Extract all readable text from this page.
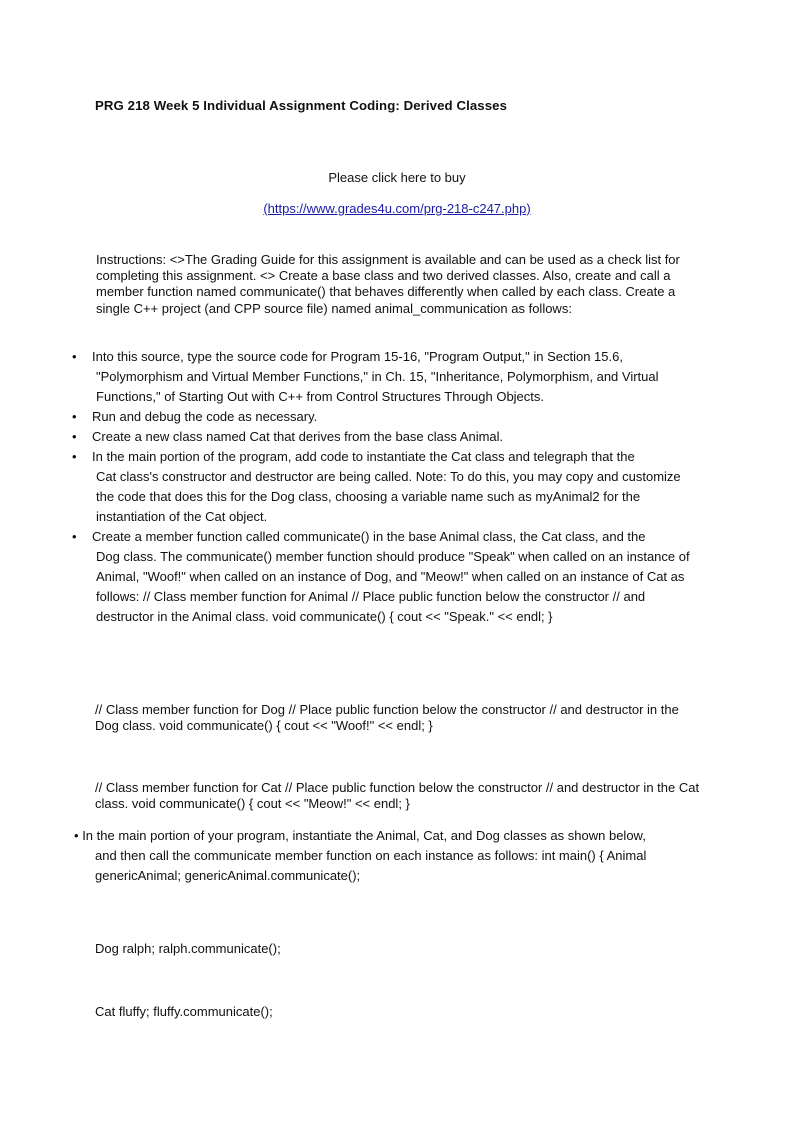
PRG 218 Week 5 Individual Assignment Coding: Derived Classes
Please click here to buy
(https://www.grades4u.com/prg-218-c247.php)
Instructions: <>The Grading Guide for this assignment is available and can be used as a check list for completing this assignment. <> Create a base class and two derived classes. Also, create and call a member function named communicate() that behaves differently when called by each class. Create a single C++ project (and CPP source file) named animal_communication as follows:
•	Into this source, type the source code for Program 15-16, "Program Output," in Section 15.6,
"Polymorphism and Virtual Member Functions," in Ch. 15, "Inheritance, Polymorphism, and Virtual Functions," of Starting Out with C++ from Control Structures Through Objects.
•	Run and debug the code as necessary.
•	Create a new class named Cat that derives from the base class Animal.
•	In the main portion of the program, add code to instantiate the Cat class and telegraph that the
Cat class's constructor and destructor are being called. Note: To do this, you may copy and customize the code that does this for the Dog class, choosing a variable name such as myAnimal2 for the instantiation of the Cat object.
•	Create a member function called communicate() in the base Animal class, the Cat class, and the
Dog class. The communicate() member function should produce "Speak" when called on an instance of Animal, "Woof!" when called on an instance of Dog, and "Meow!" when called on an instance of Cat as follows: // Class member function for Animal // Place public function below the constructor // and destructor in the Animal class. void communicate() { cout << "Speak." << endl; }
// Class member function for Dog // Place public function below the constructor // and destructor in the Dog class. void communicate() { cout << "Woof!" << endl; }
// Class member function for Cat // Place public function below the constructor // and destructor in the Cat class. void communicate() { cout << "Meow!" << endl; }
• In the main portion of your program, instantiate the Animal, Cat, and Dog classes as shown below,
and then call the communicate member function on each instance as follows: int main() { Animal genericAnimal; genericAnimal.communicate();
Dog ralph; ralph.communicate();
Cat fluffy; fluffy.communicate();
